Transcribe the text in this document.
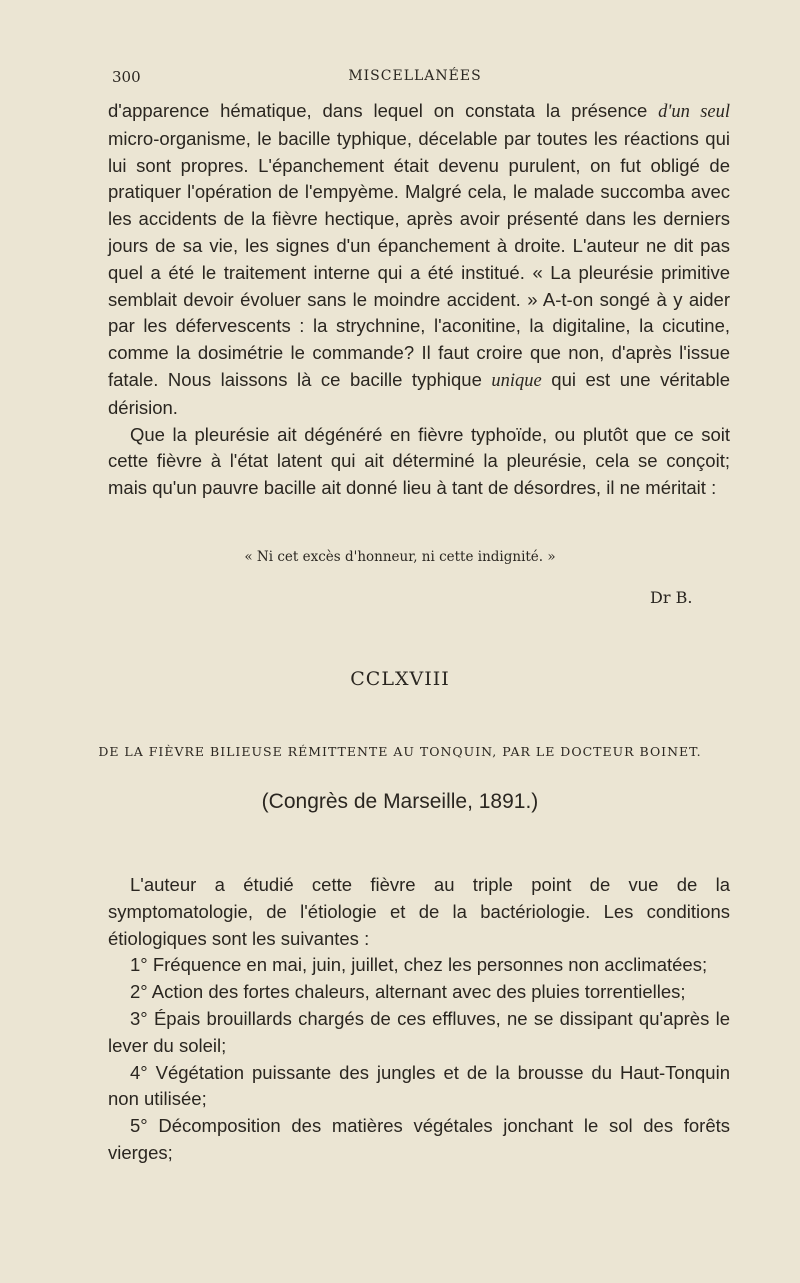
300	MISCELLANÉES

d'apparence hématique, dans lequel on constata la présence d'un seul micro-organisme, le bacille typhique, décelable par toutes les réactions qui lui sont propres. L'épanchement était devenu purulent, on fut obligé de pratiquer l'opération de l'empyème. Malgré cela, le malade succomba avec les accidents de la fièvre hectique, après avoir présenté dans les derniers jours de sa vie, les signes d'un épanchement à droite. L'auteur ne dit pas quel a été le traitement interne qui a été institué. « La pleurésie primitive semblait devoir évoluer sans le moindre accident. » A-t-on songé à y aider par les défervescents : la strychnine, l'aconitine, la digitaline, la cicutine, comme la dosimétrie le commande? Il faut croire que non, d'après l'issue fatale. Nous laissons là ce bacille typhique unique qui est une véritable dérision.

Que la pleurésie ait dégénéré en fièvre typhoïde, ou plutôt que ce soit cette fièvre à l'état latent qui ait déterminé la pleurésie, cela se conçoit; mais qu'un pauvre bacille ait donné lieu à tant de désordres, il ne méritait :

« Ni cet excès d'honneur, ni cette indignité. »
Dr B.
CCLXVIII
DE LA FIÈVRE BILIEUSE RÉMITTENTE AU TONQUIN, PAR LE DOCTEUR BOINET.
(Congrès de Marseille, 1891.)

L'auteur a étudié cette fièvre au triple point de vue de la symptomatologie, de l'étiologie et de la bactériologie. Les conditions étiologiques sont les suivantes :

1° Fréquence en mai, juin, juillet, chez les personnes non acclimatées;

2° Action des fortes chaleurs, alternant avec des pluies torrentielles;

3° Épais brouillards chargés de ces effluves, ne se dissipant qu'après le lever du soleil;

4° Végétation puissante des jungles et de la brousse du Haut-Tonquin non utilisée;

5° Décomposition des matières végétales jonchant le sol des forêts vierges;
